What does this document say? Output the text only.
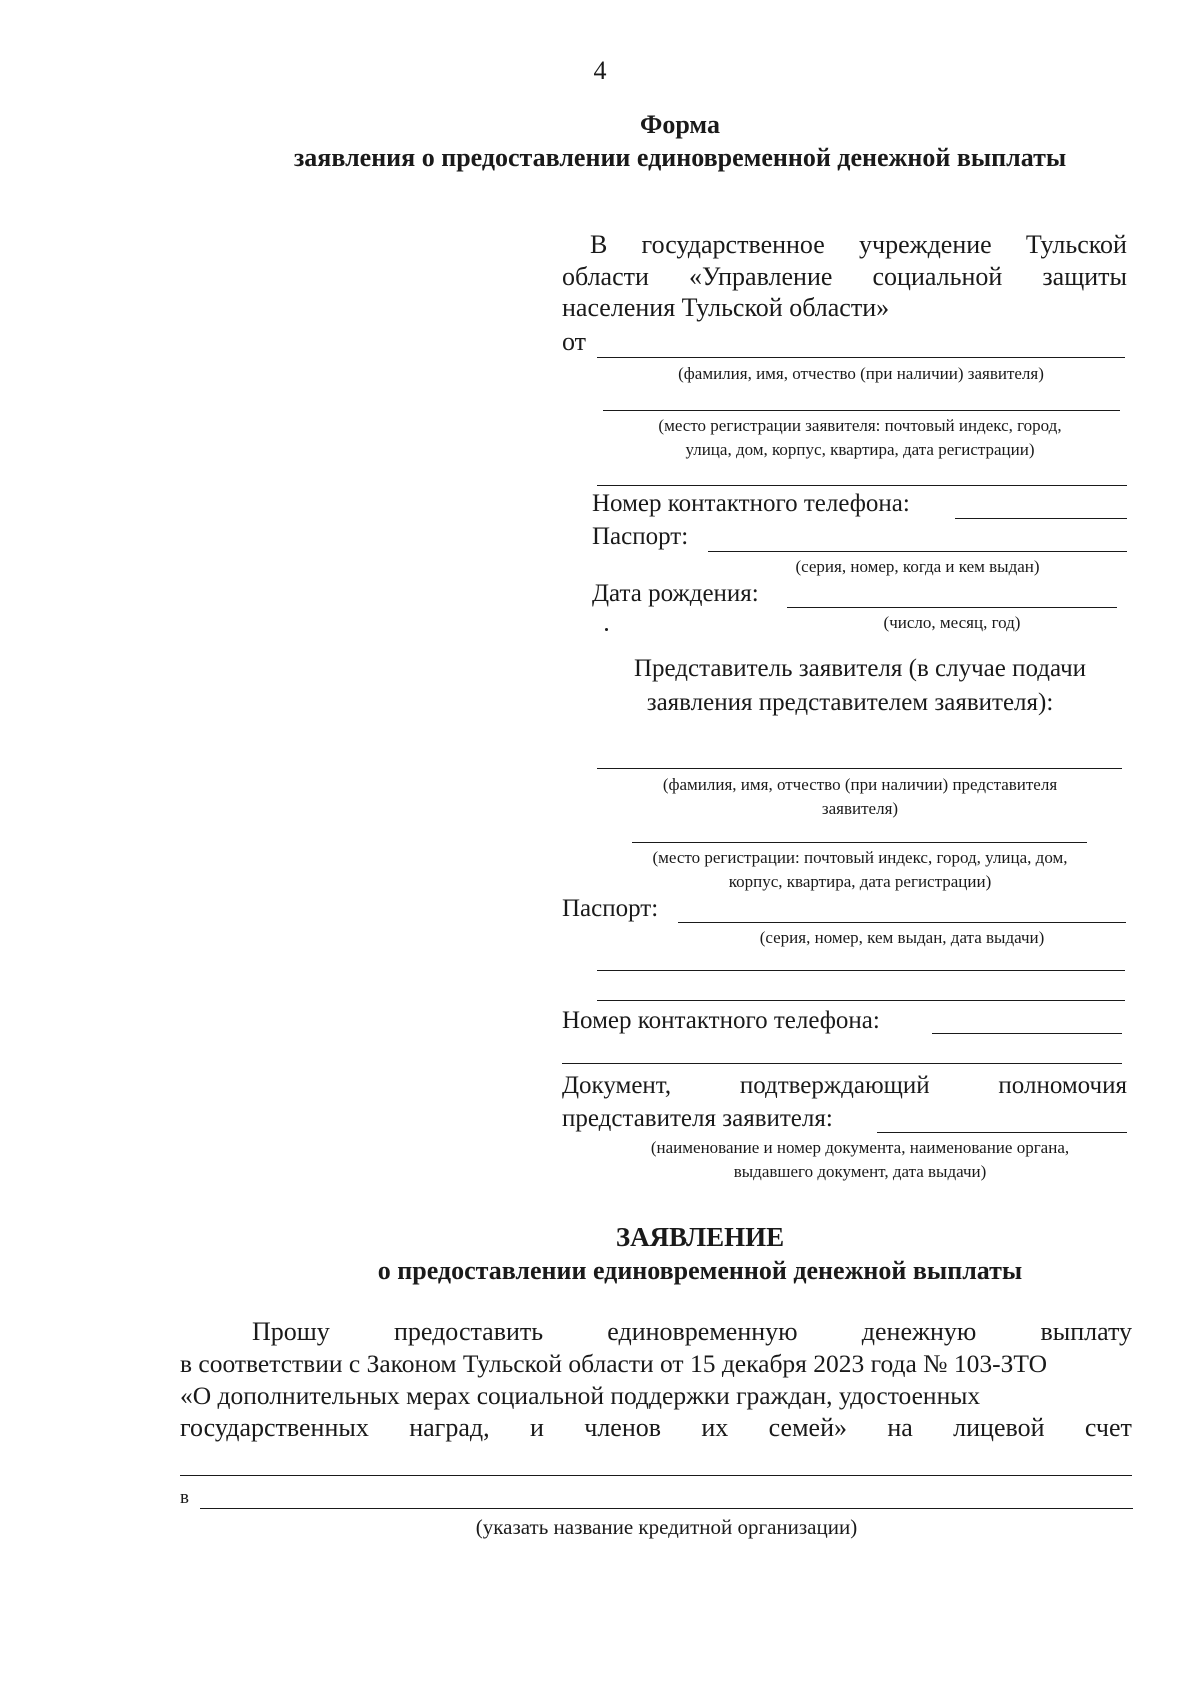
4
Форма
заявления о предоставлении единовременной денежной выплаты
В государственное учреждение Тульской
области «Управление социальной защиты
населения Тульской области»
от
(фамилия, имя, отчество (при наличии) заявителя)
(место регистрации заявителя: почтовый индекс, город,
улица, дом, корпус, квартира, дата регистрации)
Номер контактного телефона:
Паспорт:
(серия, номер, когда и кем выдан)
Дата рождения:
(число, месяц, год)
Представитель заявителя (в случае подачи
заявления представителем заявителя):
(фамилия, имя, отчество (при наличии) представителя
заявителя)
(место регистрации: почтовый индекс, город, улица, дом,
корпус, квартира, дата регистрации)
Паспорт:
(серия, номер, кем выдан, дата выдачи)
Номер контактного телефона:
Документ,	подтверждающий	полномочия
представителя заявителя:
(наименование и номер документа, наименование органа,
выдавшего документ, дата выдачи)
ЗАЯВЛЕНИЕ
о предоставлении единовременной денежной выплаты
Прошу предоставить единовременную денежную выплату
в соответствии с Законом Тульской области от 15 декабря 2023 года № 103-ЗТО
«О дополнительных мерах социальной поддержки граждан, удостоенных
государственных наград, и членов их семей» на лицевой счет
в
(указать название кредитной организации)
